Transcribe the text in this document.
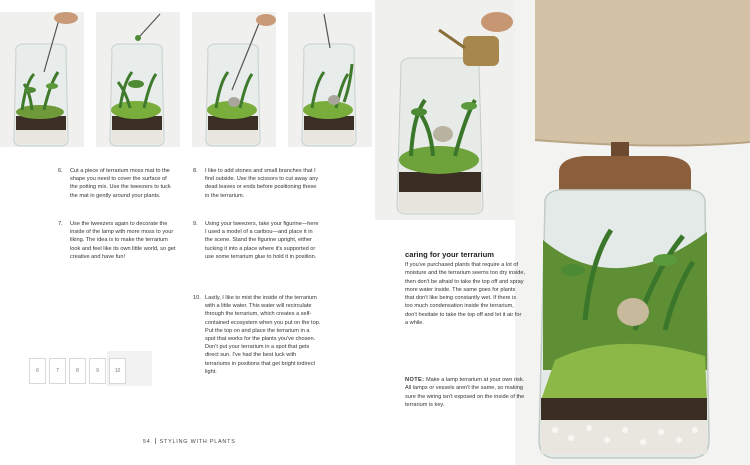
6.	Cut a piece of terrarium moss mat to the shape you need to cover the surface of the potting mix. Use the tweezers to tuck the mat in gently around your plants.
7.	Use the tweezers again to decorate the inside of the lamp with more moss to your liking. The idea is to make the terrarium look and feel like its own little world, so get creative and have fun!
8.	I like to add stones and small branches that I find outside. Use the scissors to cut away any dead leaves or ends before positioning these in the terrarium.
9.	Using your tweezers, take your figurine—here I used a model of a caribou—and place it in the scene. Stand the figurine upright, either tucking it into a place where it's supported or use some terrarium glue to hold it in position.
10. Lastly, I like to mist the inside of the terrarium with a little water. This water will recirculate through the terrarium, which creates a self-contained ecosystem when you put on the top. Put the top on and place the terrarium in a spot that works for the plants you've chosen. Don't put your terrarium in a spot that gets direct sun. I've had the best luck with terrariums in positions that get bright indirect light.
6	7	8	9	10
54 STYLING WITH PLANTS
caring for your terrarium
If you've purchased plants that require a lot of moisture and the terrarium seems too dry inside, then don't be afraid to take the top off and spray more water inside. The same goes for plants that don't like being constantly wet. If there is too much condensation inside the terrarium, don't hesitate to take the top off and let it air for a while.
NOTE: Make a lamp terrarium at your own risk. All lamps or vessels aren't the same, so making sure the wiring isn't exposed on the inside of the terrarium is key.
